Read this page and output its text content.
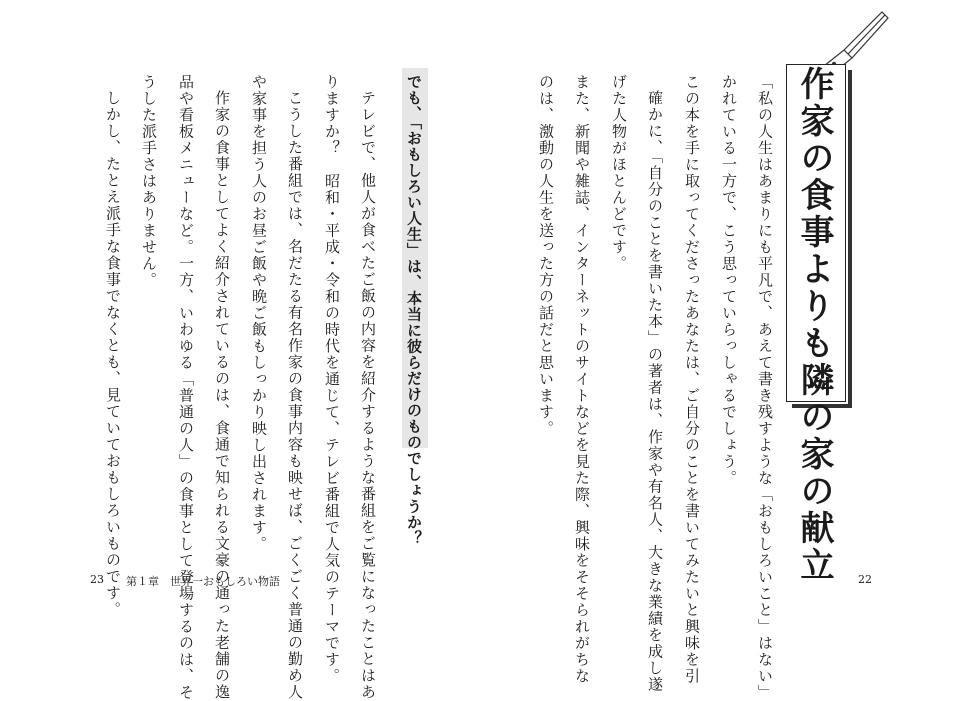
作家の食事よりも隣の家の献立
「私の人生はあまりにも平凡で、あえて書き残すような「おもしろいこと」はない」
かれている一方で、こう思っていらっしゃるでしょう。
この本を手に取ってくださったあなたは、ご自分のことを書いてみたいと興味を引
確かに、「自分のことを書いた本」の著者は、作家や有名人、大きな業績を成し遂
げた人物がほとんどです。
また、新聞や雑誌、インターネットのサイトなどを見た際、興味をそそられがちな
のは、激動の人生を送った方の話だと思います。
でも、「おもしろい人生」は、本当に彼らだけのものでしょうか？
テレビで、他人が食べたご飯の内容を紹介するような番組をご覧になったことはあ
りますか？　昭和・平成・令和の時代を通じて、テレビ番組で人気のテーマです。
こうした番組では、名だたる有名作家の食事内容も映せば、ごくごく普通の勤め人
や家事を担う人のお昼ご飯や晩ご飯もしっかり映し出されます。
作家の食事としてよく紹介されているのは、食通で知られる文豪の通った老舗の逸
品や看板メニューなど。一方、いわゆる「普通の人」の食事として登場するのは、そ
うした派手さはありません。
しかし、たとえ派手な食事でなくとも、見ていておもしろいものです。
23 第１章　世界一おもしろい物語	22
